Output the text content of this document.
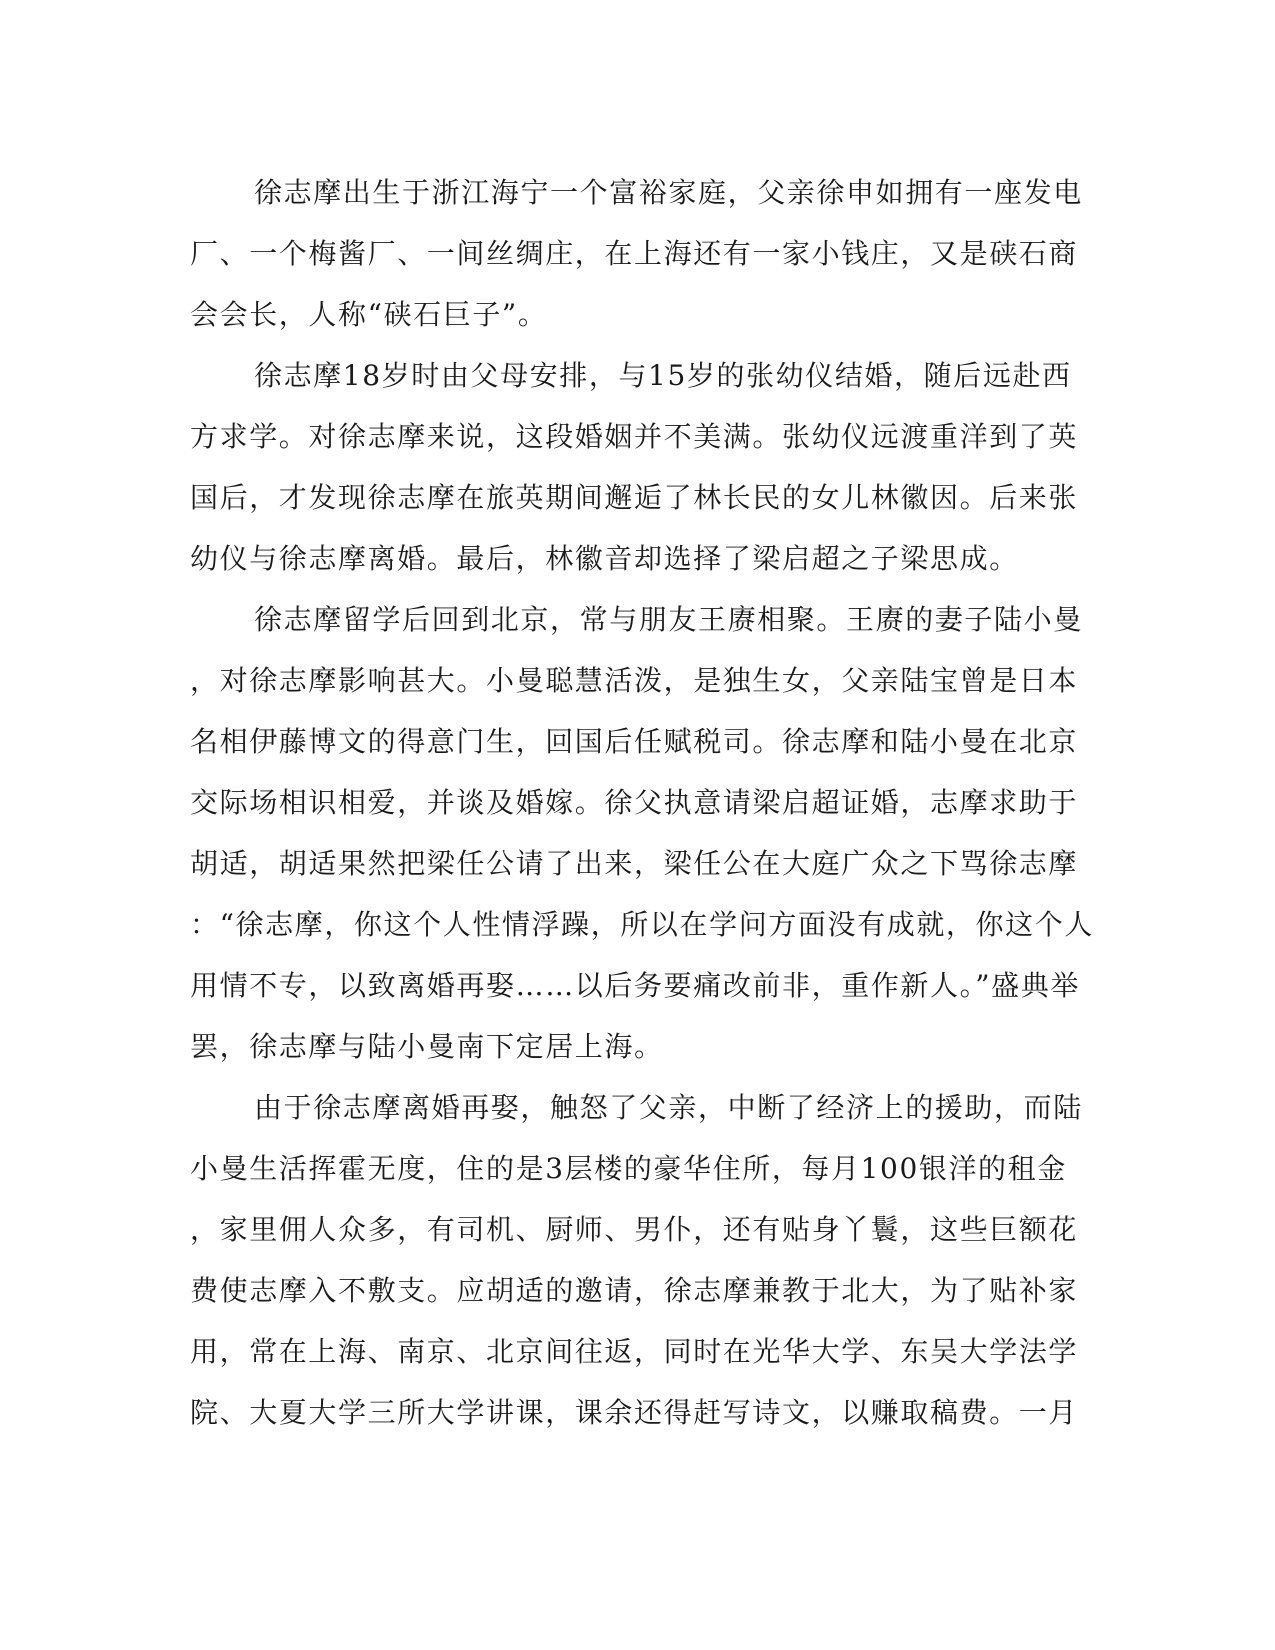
徐志摩出生于浙江海宁一个富裕家庭，父亲徐申如拥有一座发电
厂、一个梅酱厂、一间丝绸庄，在上海还有一家小钱庄，又是硖石商
会会长，人称“硖石巨子”。
徐志摩18岁时由父母安排，与15岁的张幼仪结婚，随后远赴西
方求学。对徐志摩来说，这段婚姻并不美满。张幼仪远渡重洋到了英
国后，才发现徐志摩在旅英期间邂逅了林长民的女儿林徽因。后来张
幼仪与徐志摩离婚。最后，林徽音却选择了梁启超之子梁思成。
徐志摩留学后回到北京，常与朋友王赓相聚。王赓的妻子陆小曼
，对徐志摩影响甚大。小曼聪慧活泼，是独生女，父亲陆宝曾是日本
名相伊藤博文的得意门生，回国后任赋税司。徐志摩和陆小曼在北京
交际场相识相爱，并谈及婚嫁。徐父执意请梁启超证婚，志摩求助于
胡适，胡适果然把梁任公请了出来，梁任公在大庭广众之下骂徐志摩
：“徐志摩，你这个人性情浮躁，所以在学问方面没有成就，你这个人
用情不专，以致离婚再娶……以后务要痛改前非，重作新人。”盛典举
罢，徐志摩与陆小曼南下定居上海。
由于徐志摩离婚再娶，触怒了父亲，中断了经济上的援助，而陆
小曼生活挥霍无度，住的是3层楼的豪华住所，每月100银洋的租金
，家里佣人众多，有司机、厨师、男仆，还有贴身丫鬟，这些巨额花
费使志摩入不敷支。应胡适的邀请，徐志摩兼教于北大，为了贴补家
用，常在上海、南京、北京间往返，同时在光华大学、东吴大学法学
院、大夏大学三所大学讲课，课余还得赶写诗文，以赚取稿费。一月
